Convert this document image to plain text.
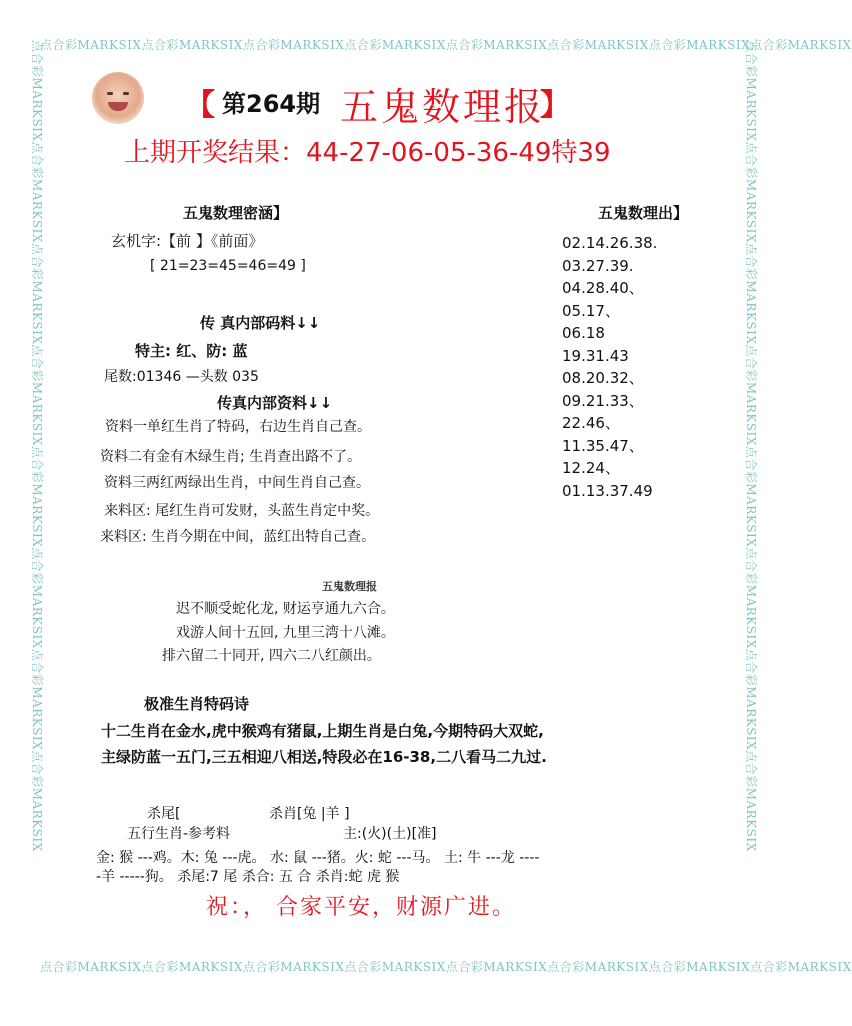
点合彩MARKSIX点合彩MARKSIX点合彩MARKSIX点合彩MARKSIX点合彩MARKSIX点合彩MARKSIX点合彩MARKSIX点合彩MARKSIX
点合彩MARKSIX点合彩MARKSIX点合彩MARKSIX点合彩MARKSIX点合彩MARKSIX点合彩MARKSIX点合彩MARKSIX点合彩MARKSIX
点合彩MARKSIX点合彩MARKSIX点合彩MARKSIX点合彩MARKSIX点合彩MARKSIX点合彩MARKSIX点合彩MARKSIX点合彩MARKSIX	点合彩MARKSIX点合彩MARKSIX点合彩MARKSIX点合彩MARKSIX点合彩MARKSIX点合彩MARKSIX点合彩MARKSIX点合彩MARKSIX
【 第264期 五鬼数理报
】
上期开奖结果：44-27-06-05-36-49特39
五鬼数理密涵】
玄机字:【前 】《前面》
[ 21=23=45=46=49 ]
传 真内部码料↓↓
特主: 红、防: 蓝
尾数:01346 —头数 035
传真内部资料↓↓
资料一单红生肖了特码，右边生肖自己查。
资料二有金有木绿生肖; 生肖查出路不了。
资料三两红两绿出生肖，中间生肖自己查。
来料区: 尾红生肖可发财，头蓝生肖定中奖。
来料区: 生肖今期在中间，蓝红出特自己查。
五鬼数理出】
02.14.26.38.
03.27.39.
04.28.40、
05.17、
06.18
19.31.43
08.20.32、
09.21.33、
22.46、
11.35.47、
12.24、
01.13.37.49
五鬼数理报
迟不顺受蛇化龙, 财运亨通九六合。
戏游人间十五回, 九里三湾十八滩。
排六留二十同开, 四六二八红颜出。
极准生肖特码诗
十二生肖在金水,虎中猴鸡有猪鼠,上期生肖是白兔,今期特码大双蛇,
主绿防蓝一五门,三五相迎八相送,特段必在16-38,二八看马二九过.
杀尾[	杀肖[兔 |羊 ]
五行生肖-参考料	主:(火)(土)[准]
金: 猴 ---鸡。木: 兔 ---虎。 水: 鼠 ---猪。火: 蛇 ---马。 土: 牛 ---龙 ----
-羊 -----狗。 杀尾:7 尾 杀合: 五 合 杀肖:蛇 虎 猴
祝：， 合家平安，财源广进。
